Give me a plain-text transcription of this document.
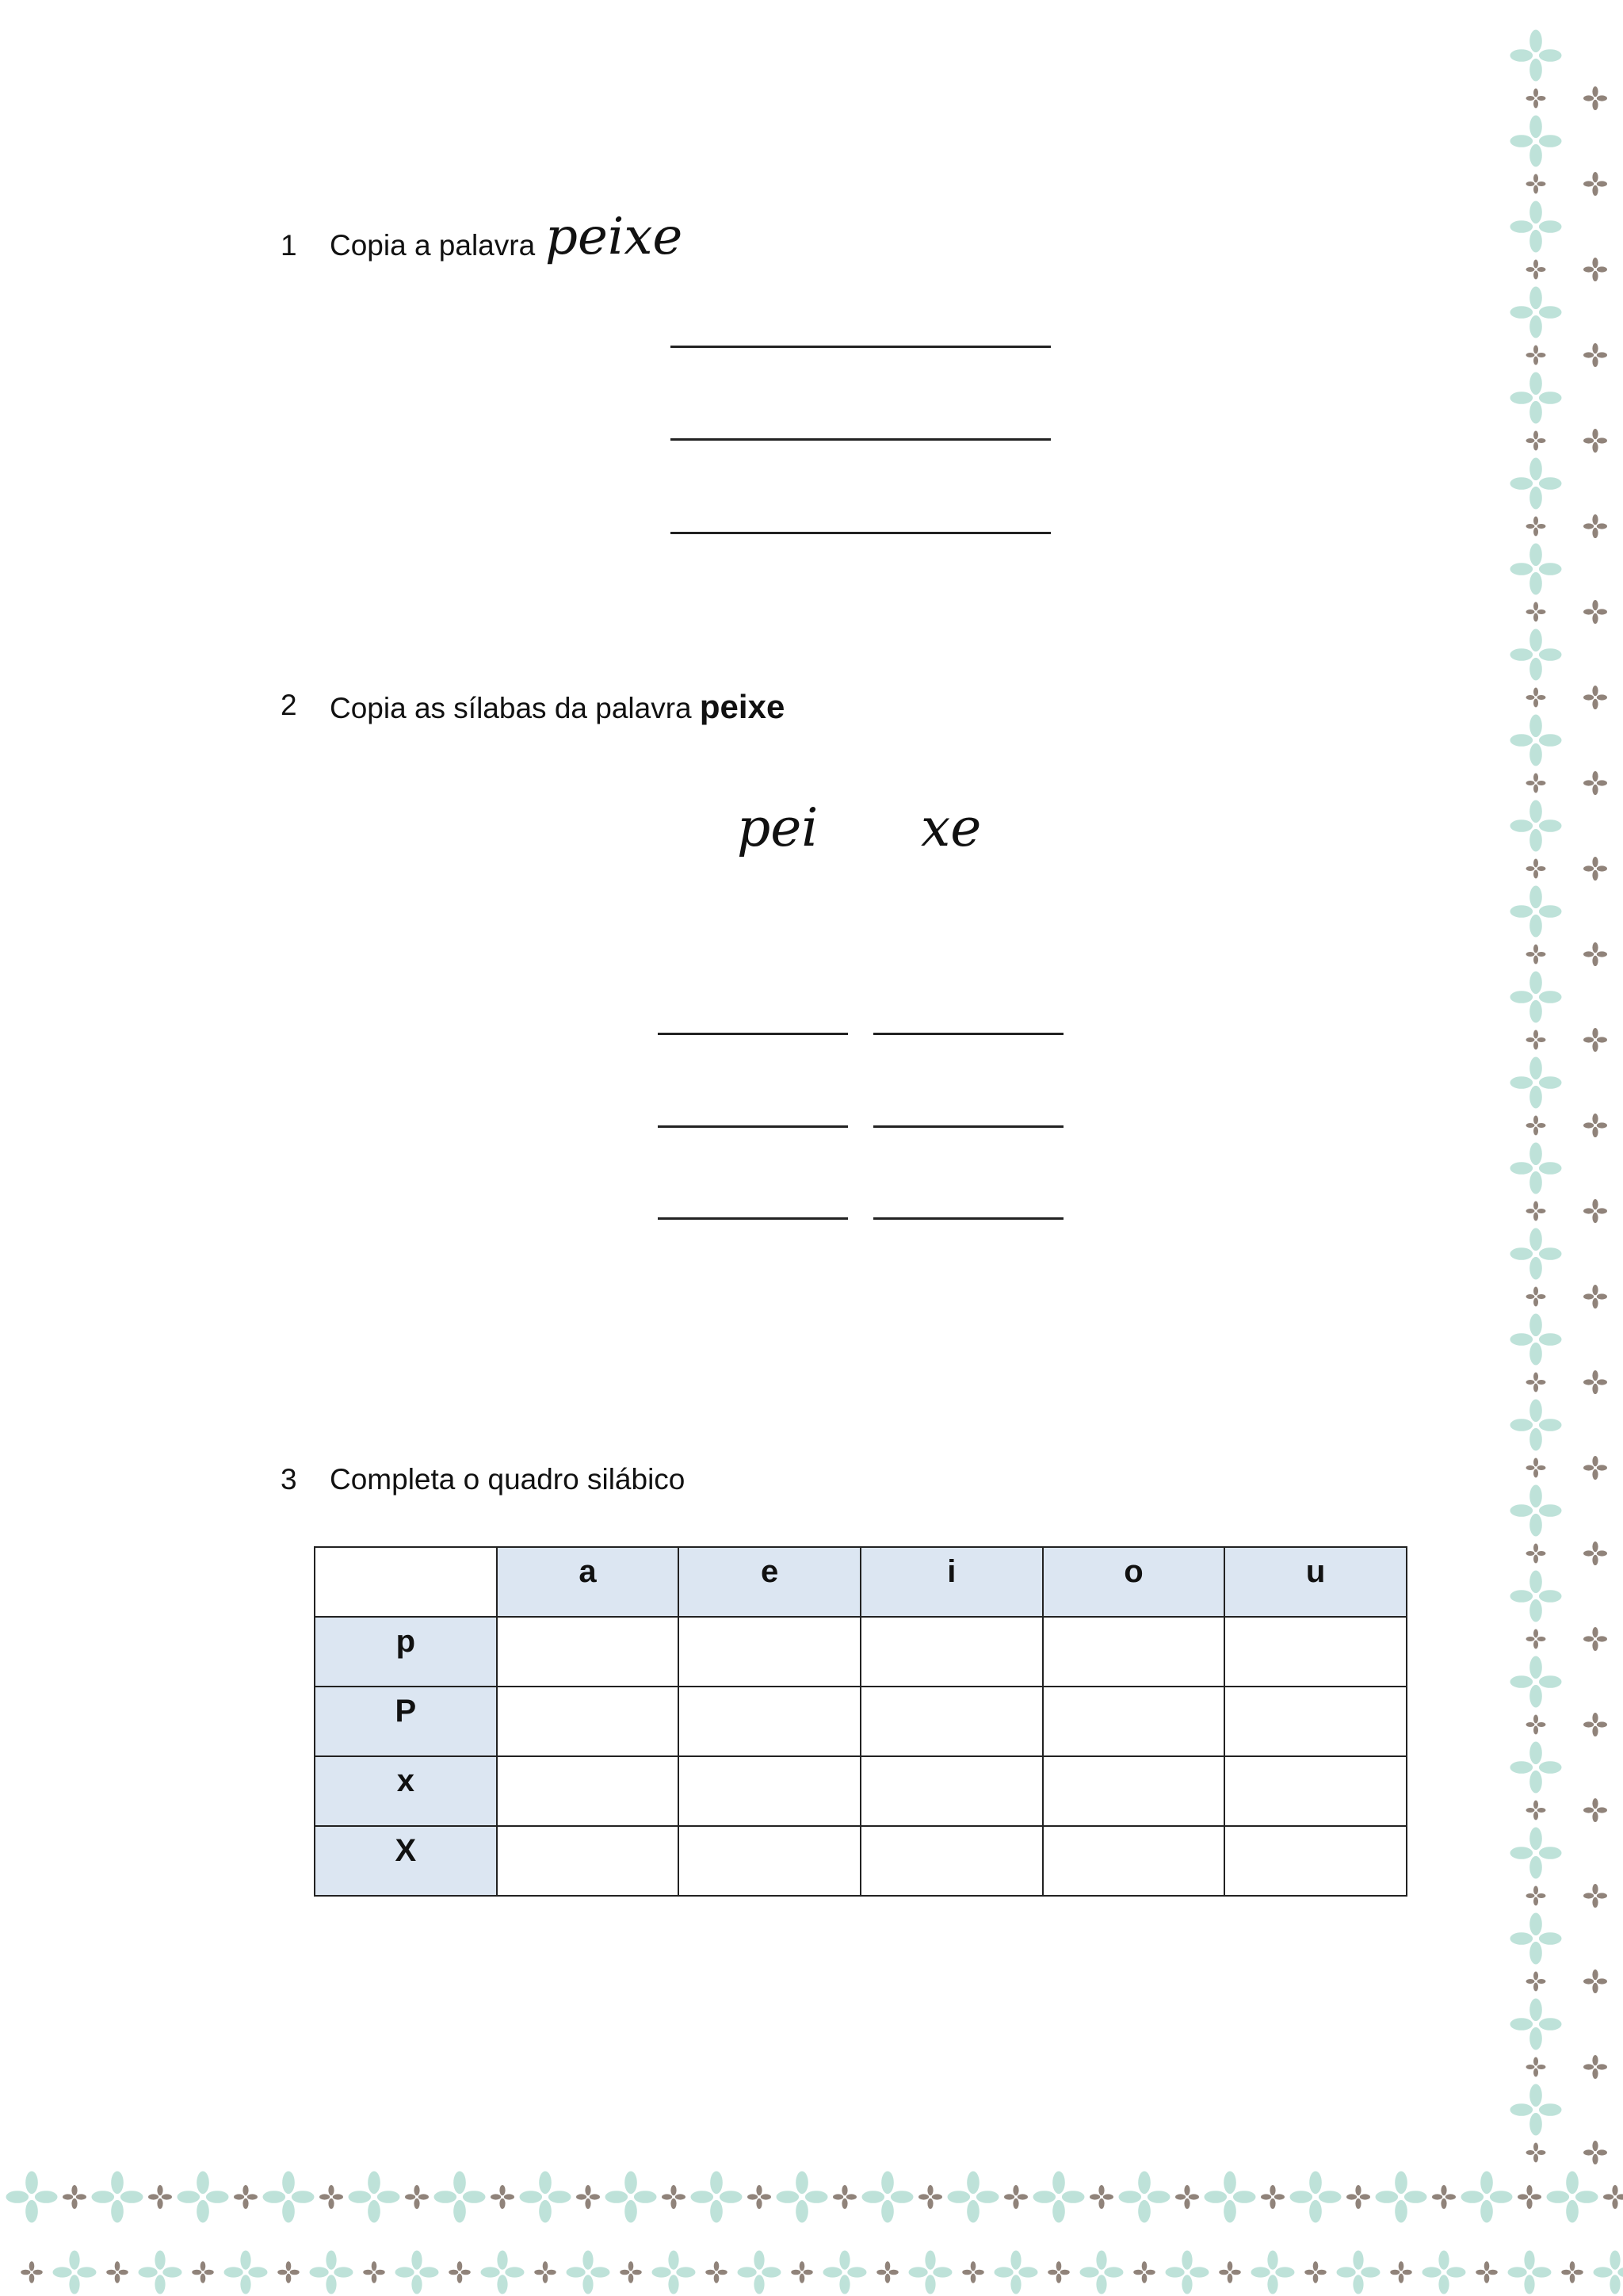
1 Copia a palavra peixe
2 Copia as sílabas da palavra peixe
pei xe
3 Completa o quadro silábico
	a	e	i	o	u
p					
P					
x					
X					
